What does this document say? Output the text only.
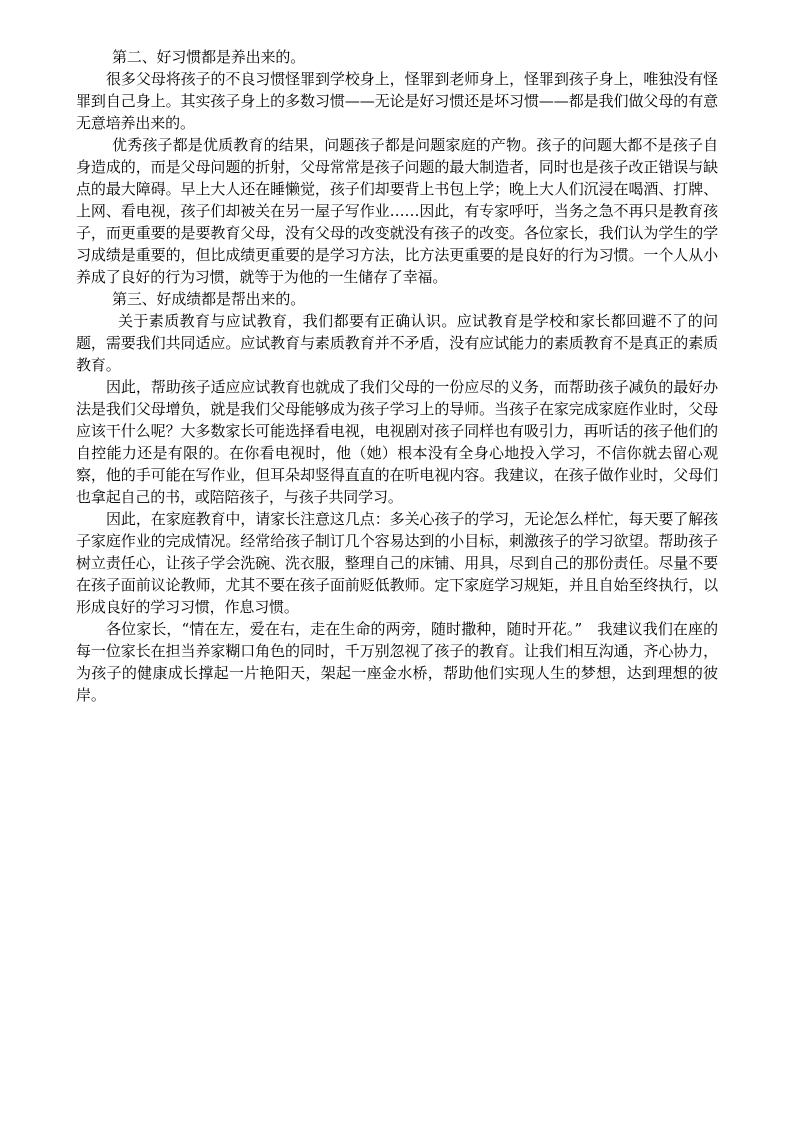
第二、好习惯都是养出来的。

很多父母将孩子的不良习惯怪罪到学校身上，怪罪到老师身上，怪罪到孩子身上，唯独没有怪罪到自己身上。其实孩子身上的多数习惯——无论是好习惯还是坏习惯——都是我们做父母的有意无意培养出来的。

优秀孩子都是优质教育的结果，问题孩子都是问题家庭的产物。孩子的问题大都不是孩子自身造成的，而是父母问题的折射，父母常常是孩子问题的最大制造者，同时也是孩子改正错误与缺点的最大障碍。早上大人还在睡懒觉，孩子们却要背上书包上学；晚上大人们沉浸在喝酒、打牌、上网、看电视，孩子们却被关在另一屋子写作业……因此，有专家呼吁，当务之急不再只是教育孩子，而更重要的是要教育父母，没有父母的改变就没有孩子的改变。各位家长，我们认为学生的学习成绩是重要的，但比成绩更重要的是学习方法，比方法更重要的是良好的行为习惯。一个人从小养成了良好的行为习惯，就等于为他的一生储存了幸福。

第三、好成绩都是帮出来的。

关于素质教育与应试教育，我们都要有正确认识。应试教育是学校和家长都回避不了的问题，需要我们共同适应。应试教育与素质教育并不矛盾，没有应试能力的素质教育不是真正的素质教育。

因此，帮助孩子适应应试教育也就成了我们父母的一份应尽的义务，而帮助孩子减负的最好办法是我们父母增负，就是我们父母能够成为孩子学习上的导师。当孩子在家完成家庭作业时，父母应该干什么呢？大多数家长可能选择看电视，电视剧对孩子同样也有吸引力，再听话的孩子他们的自控能力还是有限的。在你看电视时，他（她）根本没有全身心地投入学习，不信你就去留心观察，他的手可能在写作业，但耳朵却竖得直直的在听电视内容。我建议，在孩子做作业时，父母们也拿起自己的书，或陪陪孩子，与孩子共同学习。

因此，在家庭教育中，请家长注意这几点：多关心孩子的学习，无论怎么样忙，每天要了解孩子家庭作业的完成情况。经常给孩子制订几个容易达到的小目标，刺激孩子的学习欲望。帮助孩子树立责任心，让孩子学会洗碗、洗衣服，整理自己的床铺、用具，尽到自己的那份责任。尽量不要在孩子面前议论教师，尤其不要在孩子面前贬低教师。定下家庭学习规矩，并且自始至终执行，以形成良好的学习习惯，作息习惯。

各位家长，“情在左，爱在右，走在生命的两旁，随时撒种，随时开花。”　我建议我们在座的每一位家长在担当养家糊口角色的同时，千万别忽视了孩子的教育。让我们相互沟通，齐心协力，为孩子的健康成长撑起一片艳阳天，架起一座金水桥，帮助他们实现人生的梦想，达到理想的彼岸。
